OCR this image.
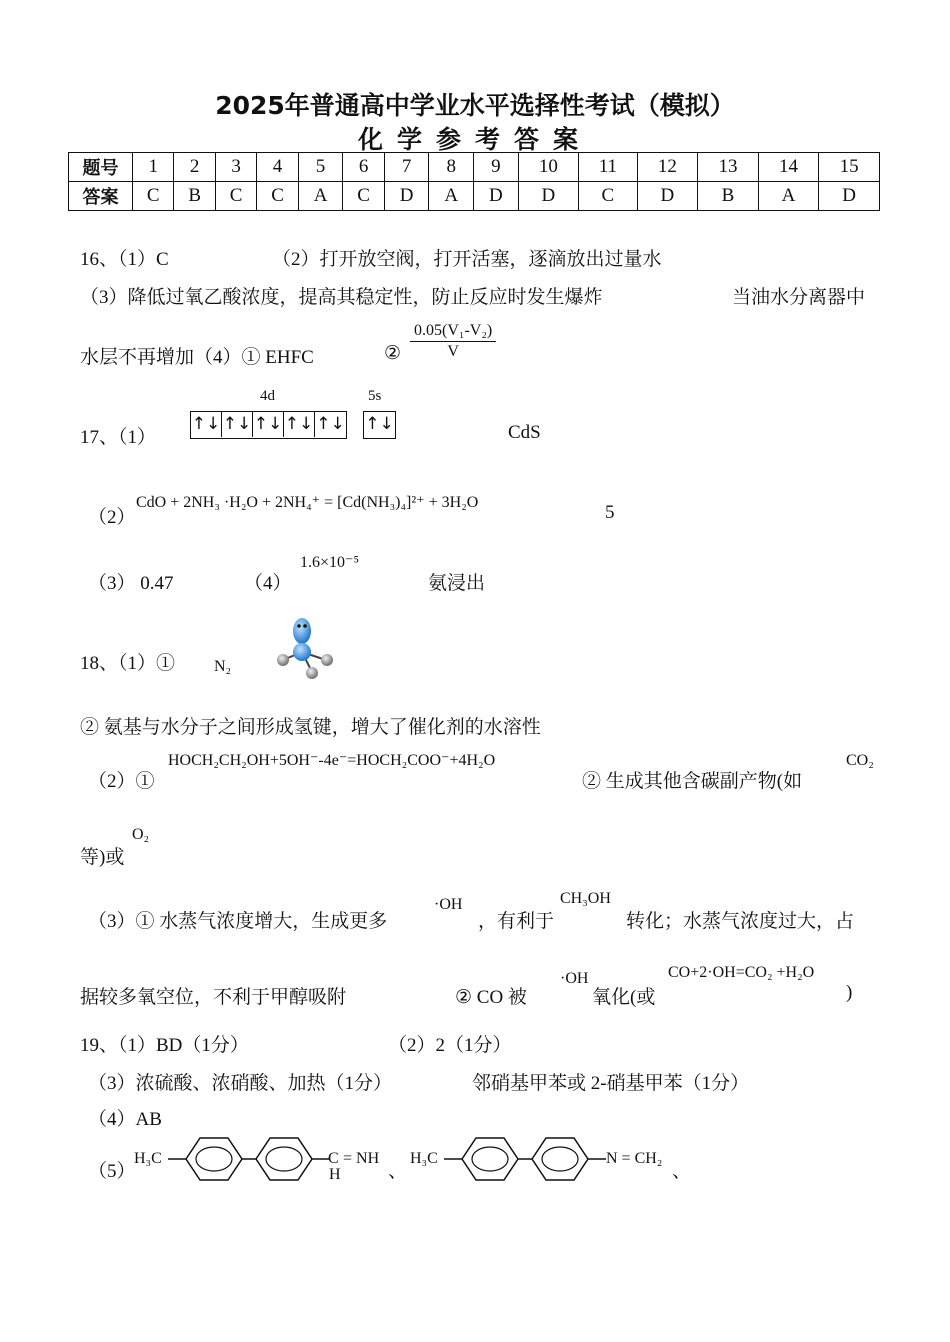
2025年普通高中学业水平选择性考试（模拟）
化学参考答案
题号	1	2	3	4	5	6	7	8	9	10	11	12	13	14	15
答案	C	B	C	C	A	C	D	A	D	D	C	D	B	A	D
16、（1）C	（2）打开放空阀，打开活塞，逐滴放出过量水
（3）降低过氧乙酸浓度，提高其稳定性，防止反应时发生爆炸	当油水分离器中
水层不再增加（4）① EHFC	② $\frac{\text{0.05(V₁-V₂)}}{V}$
4d	5s
17、（1）
↑↓ ↑↓ ↑↓ ↑↓ ↑↓ ↑↓	CdS
（2）
CdO + 2NH₃ ·H₂O + 2NH₄⁺ = [Cd(NH₃)₄]²⁺ + 3H₂O	5
（3） 0.47	（4）
1.6×10⁻⁵
氨浸出
18、（1）① N₂
② 氨基与水分子之间形成氢键，增大了催化剂的水溶性
（2）①
HOCH₂CH₂OH+5OH⁻-4e⁻=HOCH₂COO⁻+4H₂O
② 生成其他含碳副产物(如
CO₂
等)或
O₂
（3）① 水蒸气浓度增大，生成更多
·OH
，有利于
CH₃OH
转化；水蒸气浓度过大，占
据较多氧空位，不利于甲醇吸附	② CO 被
·OH
氧化(或
CO+2·OH=CO₂ +H₂O
)
19、（1）BD（1分）	（2）2（1分）
（3）浓硫酸、浓硝酸、加热（1分）	邻硝基甲苯或 2-硝基甲苯（1分）
（4）AB
（5）
H₃C	C = NH
H 、
H₃C	N = CH₂
、
